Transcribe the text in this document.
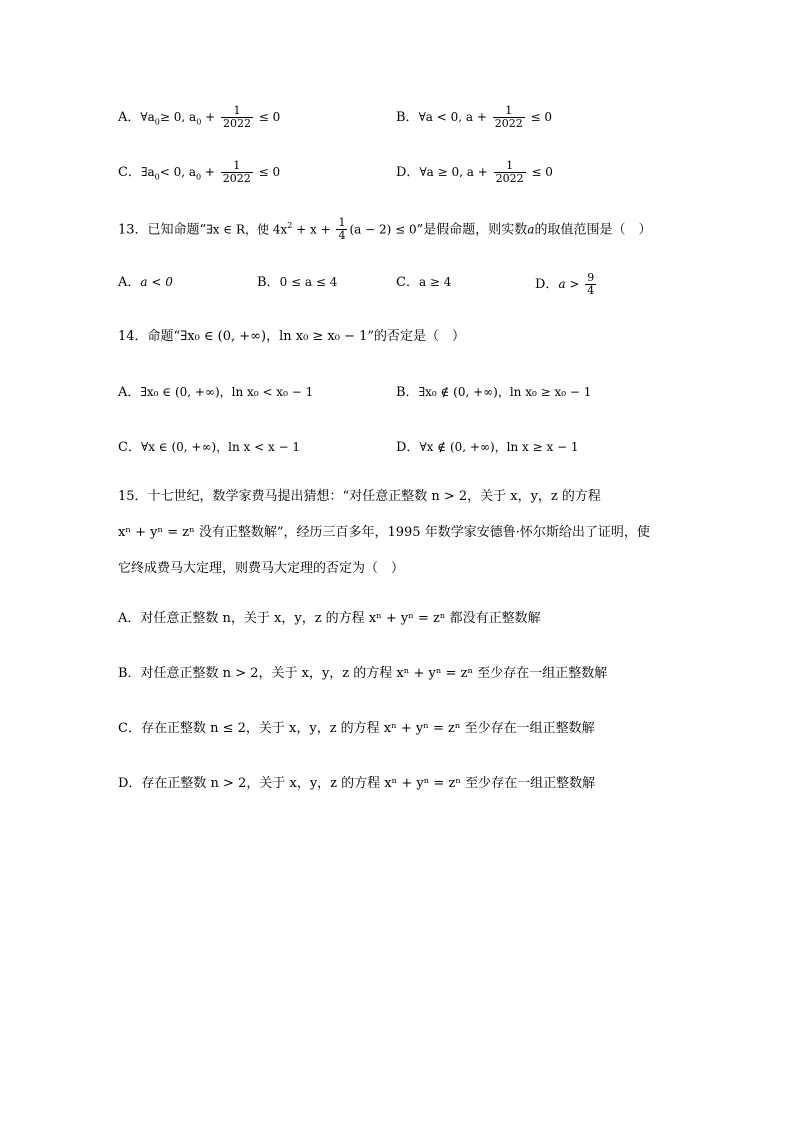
A．$\forall a_0\ge 0$, $a_0 + \frac{1}{2022} \le 0$	B．∀a < 0, $a + \frac{1}{2022} \le 0$
C．$\exists a_0< 0$, $a_0 + \frac{1}{2022} \le 0$	D．∀a ≥ 0, $a + \frac{1}{2022} \le 0$
13．已知命题“∃x ∈ R，使 $4x^2 + x + \frac{1}{4} (a - 2) \le 0$”是假命题，则实数a的取值范围是（　）
A．a < 0	B．0 ≤ a ≤ 4	C．a ≥ 4	D．$a > \frac{9}{4}$
14．命题“∃x₀ ∈ (0, +∞)，ln x₀ ≥ x₀ − 1”的否定是（　）
A．∃x₀ ∈ (0, +∞)，ln x₀ < x₀ − 1	B．∃x₀ ∉ (0, +∞)，ln x₀ ≥ x₀ − 1
C．∀x ∈ (0, +∞)，ln x < x − 1	D．∀x ∉ (0, +∞)，ln x ≥ x − 1
15．十七世纪，数学家费马提出猜想：“对任意正整数 n > 2，关于 x，y，z 的方程
xⁿ + yⁿ = zⁿ 没有正整数解”，经历三百多年，1995 年数学家安德鲁·怀尔斯给出了证明，使
它终成费马大定理，则费马大定理的否定为（　）
A．对任意正整数 n，关于 x，y，z 的方程 xⁿ + yⁿ = zⁿ 都没有正整数解
B．对任意正整数 n > 2，关于 x，y，z 的方程 xⁿ + yⁿ = zⁿ 至少存在一组正整数解
C．存在正整数 n ≤ 2，关于 x，y，z 的方程 xⁿ + yⁿ = zⁿ 至少存在一组正整数解
D．存在正整数 n > 2，关于 x，y，z 的方程 xⁿ + yⁿ = zⁿ 至少存在一组正整数解
